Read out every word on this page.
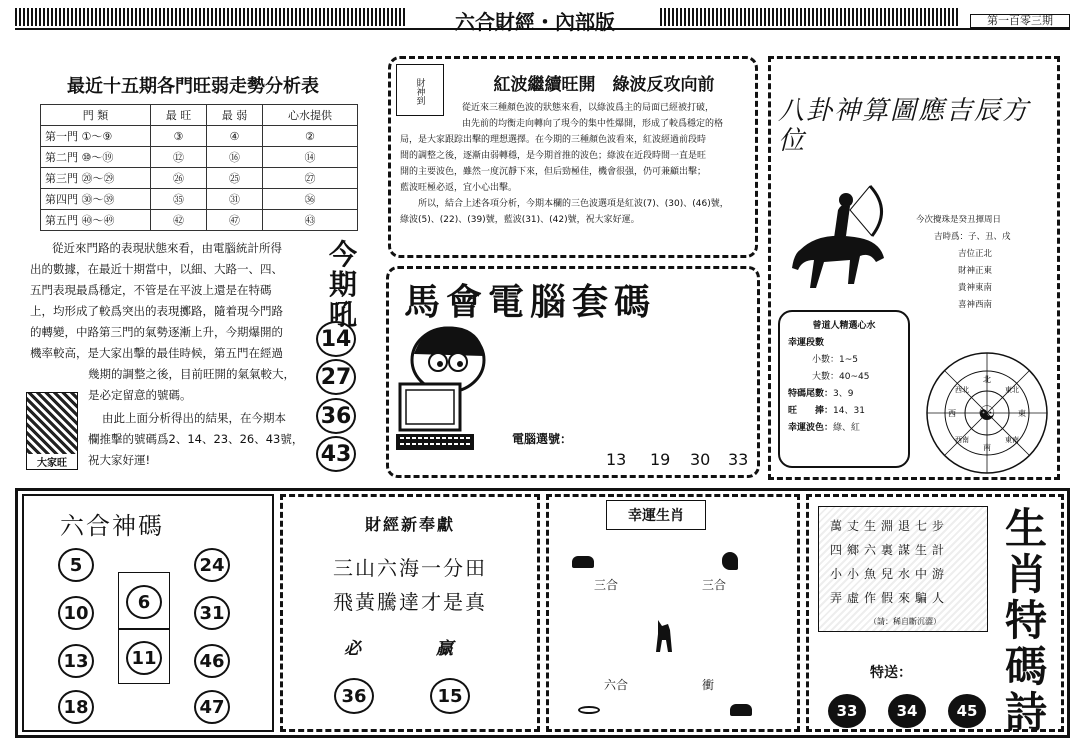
六合財經・內部版	第一百零三期
最近十五期各門旺弱走勢分析表
門 類	最 旺	最 弱	心水提供
第一門 ①～⑨	③	④	②
第二門 ⑩～⑲	⑫	⑯	⑭
第三門 ⑳～㉙	㉖	㉕	㉗
第四門 ㉚～㊴	㉟	㉛	㊱
第五門 ㊵～㊾	㊷	㊼	㊸
從近來門路的表現狀態來看，由電腦統計所得
出的數據，在最近十期當中，以細、大路一、四、
五門表現最爲穩定，不管是在平波上還是在特碼
上，均形成了較爲突出的表現擲路，隨着現今門路
的轉變，中路第三門的氣勢逐漸上升，今期爆開的
機率較高，是大家出擊的最佳時候，第五門在經過
幾期的調整之後，目前旺開的氣氣較大，
是必定留意的號碼。
由此上面分析得出的結果，在今期本
欄推擊的號碼爲2、14、23、26、43號，
祝大家好運!
大家旺
今期吼
14
27
36
43
財神到	紅波繼續旺開　綠波反攻向前
從近來三種顏色波的狀態來看，以綠波爲主的局面已經被打破，
由先前的均衡走向轉向了現今的集中性爆開，形成了較爲穩定的格
局，是大家跟踪出擊的理想選擇。在今期的三種顏色波看來，紅波經過前段時
間的調整之後，逐漸由弱轉穩，是今期首推的波色；綠波在近段時間一直是旺
開的主要波色，雖然一度沉靜下來，但后勁極佳，機會很强，仍可兼顧出擊；
藍波旺極必返，宜小心出擊。
所以，結合上述各項分析，今期本欄的三色波選項是紅波(7)、(30)、(46)號，
綠波(5)、(22)、(39)號，藍波(31)、(42)號，祝大家好運。
馬會電腦套碼
電腦選號：
13 19 30 33
八卦神算圖應吉辰方位
今次攪珠是癸丑揮周日
吉時爲：子、丑、戌
吉位正北
財神正東
貴神東南
喜神西南
曾道人精選心水
幸運段數
小數：1~5
大數：40~45
特碼尾數：3、9
旺　　捧：14、31
幸運波色：綠、紅
☯
北
東北
東
東南
南
西南
西
西北
六合神碼
5
10
13
18
6
11
24
31
46
47
財經新奉獻
三山六海一分田
飛黃騰達才是真
必	贏
36	15
幸運生肖
三合	三合
六合	衝
萬丈生淵退七步
四鄉六裏謀生計
小小魚兒水中游
弄虛作假來騙人
（請：稀自斷沉澀）
生肖特碼詩
特送：
33	34	45
